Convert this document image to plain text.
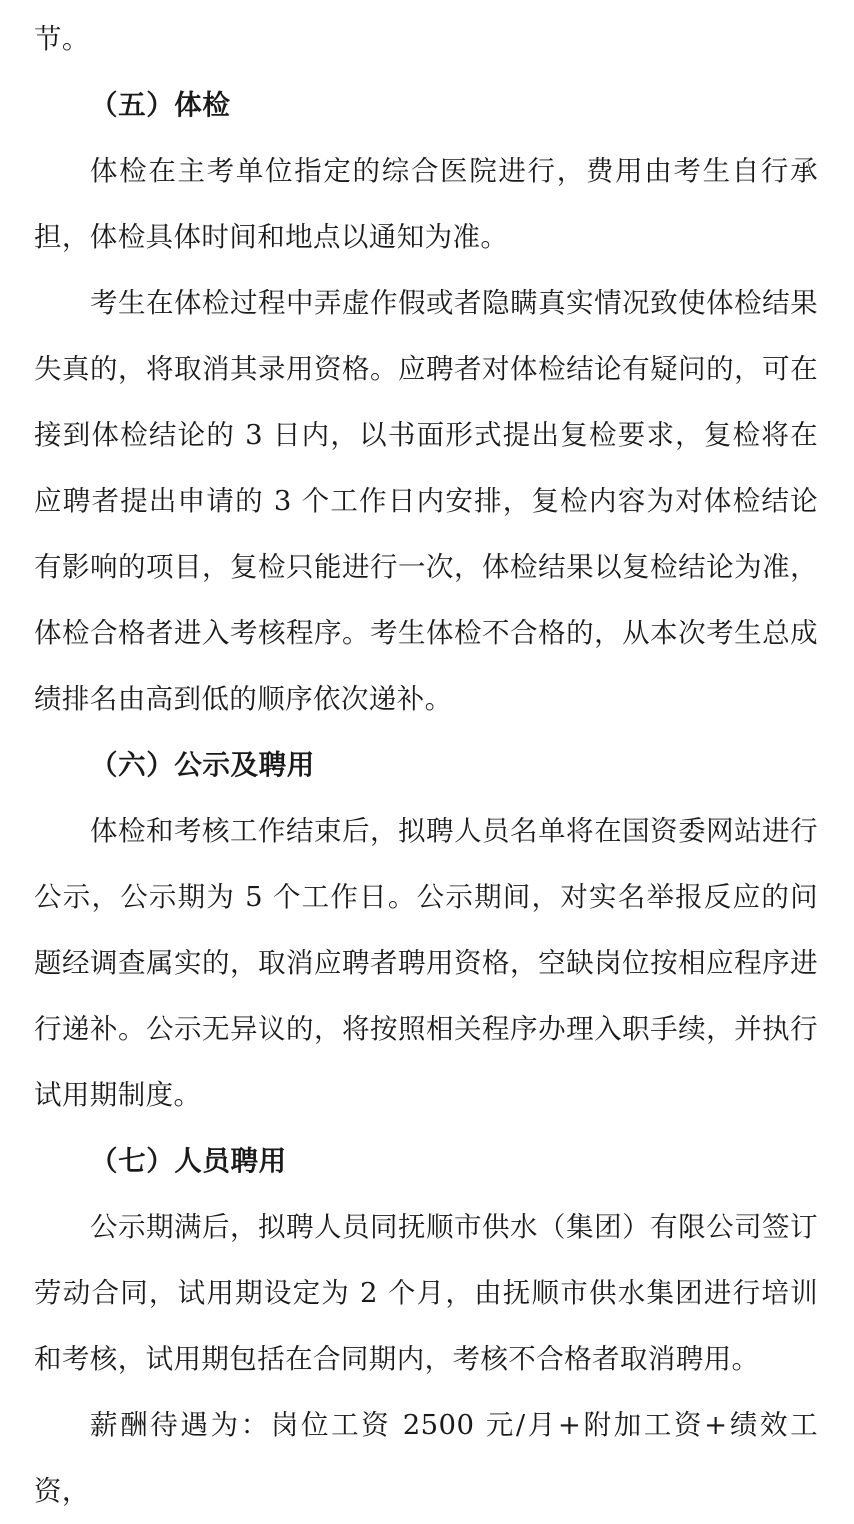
节。

（五）体检

体检在主考单位指定的综合医院进行，费用由考生自行承担，体检具体时间和地点以通知为准。

考生在体检过程中弄虚作假或者隐瞒真实情况致使体检结果失真的，将取消其录用资格。应聘者对体检结论有疑问的，可在接到体检结论的 3 日内，以书面形式提出复检要求，复检将在应聘者提出申请的 3 个工作日内安排，复检内容为对体检结论有影响的项目，复检只能进行一次，体检结果以复检结论为准，体检合格者进入考核程序。考生体检不合格的，从本次考生总成绩排名由高到低的顺序依次递补。

（六）公示及聘用

体检和考核工作结束后，拟聘人员名单将在国资委网站进行公示，公示期为 5 个工作日。公示期间，对实名举报反应的问题经调查属实的，取消应聘者聘用资格，空缺岗位按相应程序进行递补。公示无异议的，将按照相关程序办理入职手续，并执行试用期制度。

（七）人员聘用

公示期满后，拟聘人员同抚顺市供水（集团）有限公司签订劳动合同，试用期设定为 2 个月，由抚顺市供水集团进行培训和考核，试用期包括在合同期内，考核不合格者取消聘用。

薪酬待遇为：岗位工资 2500 元/月+附加工资+绩效工资，
